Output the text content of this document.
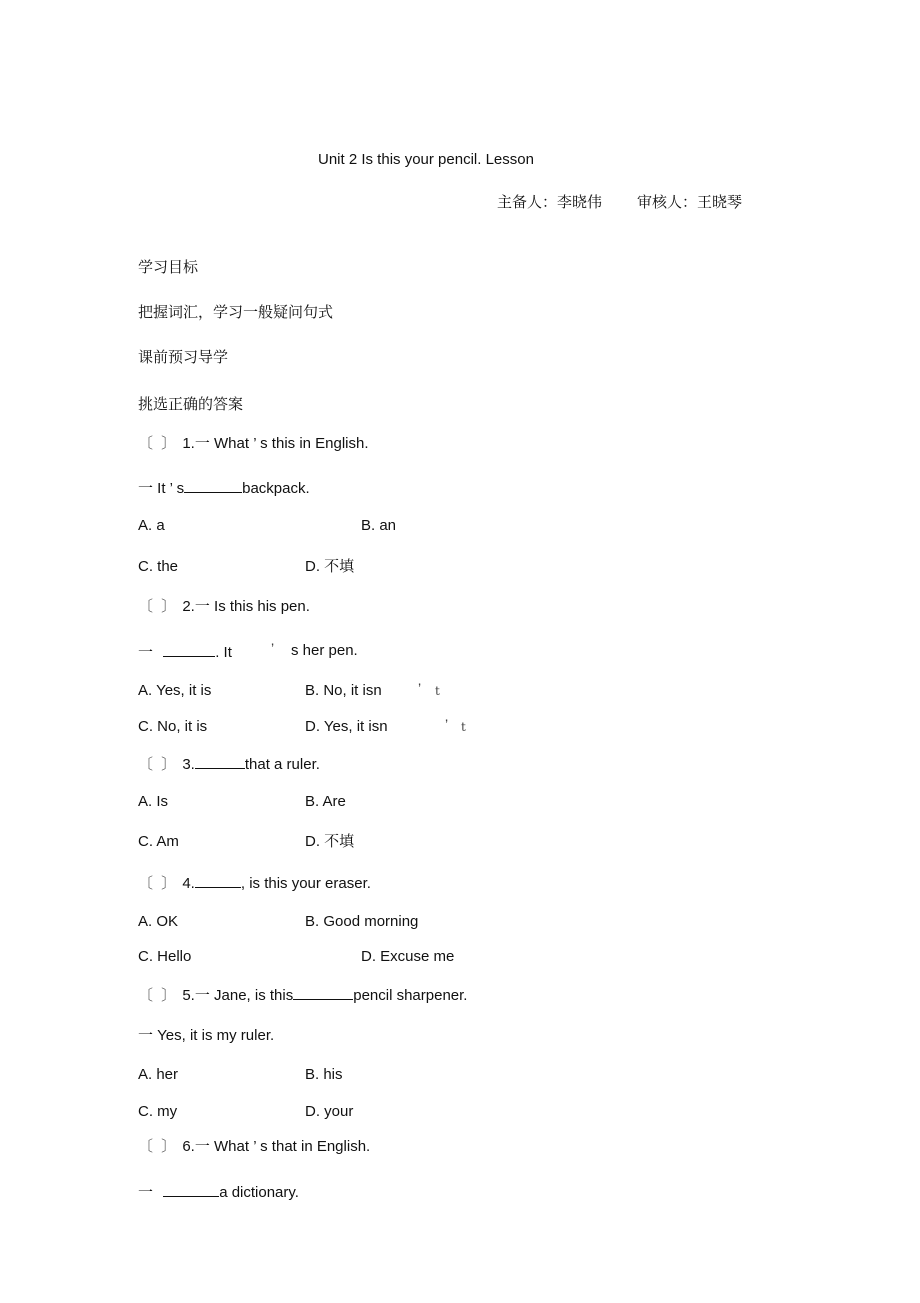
Unit 2 Is this your pencil. Lesson
主备人：李晓伟 审核人：王晓琴
学习目标
把握词汇，学习一般疑问句式
课前预习导学
挑选正确的答案
〔 〕 1.一 What ’ s this in English.
一 It ’ s	backpack.
A. a	B. an
C. the	D. 不填
〔 〕 2.一 Is this his pen.
一	. It	’ s her pen.
A. Yes, it is	B. No, it isn	’ t
C. No, it is	D. Yes, it isn	’ t
〔 〕 3.	that a ruler.
A. Is	B. Are
C. Am	D. 不填
〔 〕 4.	, is this your eraser.
A. OK	B. Good morning
C. Hello	D. Excuse me
〔 〕 5.一 Jane, is this	pencil sharpener.
一 Yes, it is my ruler.
A. her	B. his
C. my	D. your
〔 〕 6.一 What ’ s that in English.
一	a dictionary.
